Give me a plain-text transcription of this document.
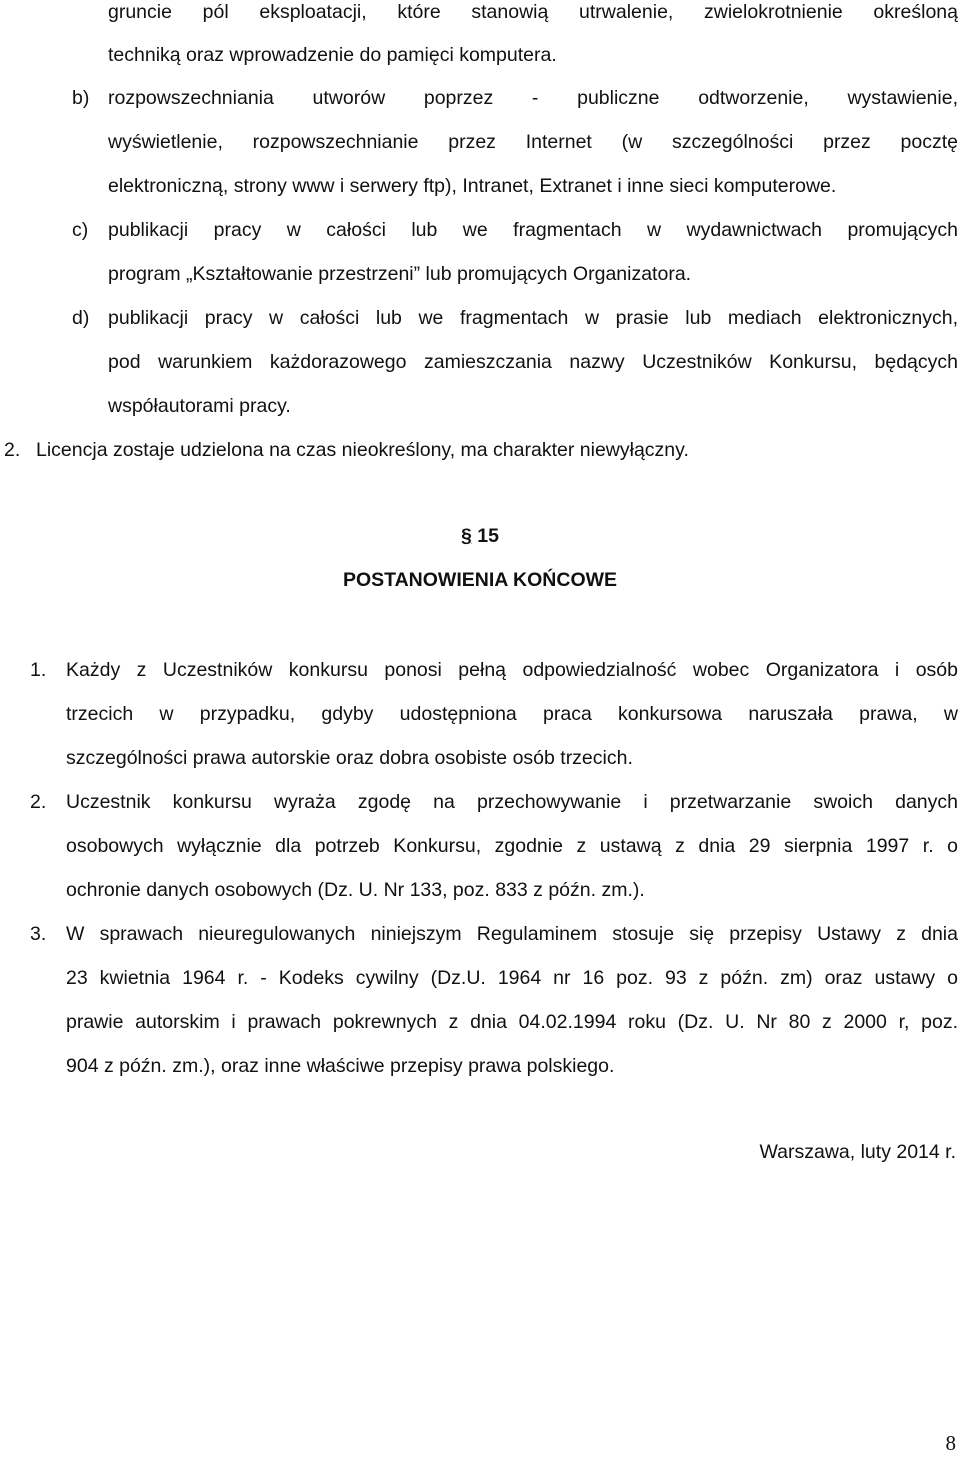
gruncie pól eksploatacji, które stanowią utrwalenie, zwielokrotnienie określoną
techniką oraz wprowadzenie do pamięci komputera.
b) rozpowszechniania utworów poprzez - publiczne odtworzenie, wystawienie,
wyświetlenie, rozpowszechnianie przez Internet (w szczególności przez pocztę
elektroniczną, strony www i serwery ftp), Intranet, Extranet i inne sieci komputerowe.
c) publikacji pracy w całości lub we fragmentach w wydawnictwach promujących
program „Kształtowanie przestrzeni” lub promujących Organizatora.
d) publikacji pracy w całości lub we fragmentach w prasie lub mediach elektronicznych,
pod warunkiem każdorazowego zamieszczania nazwy Uczestników Konkursu, będących
współautorami pracy.
2. Licencja zostaje udzielona na czas nieokreślony, ma charakter niewyłączny.
§ 15
POSTANOWIENIA KOŃCOWE
1. Każdy z Uczestników konkursu ponosi pełną odpowiedzialność wobec Organizatora i osób
trzecich w przypadku, gdyby udostępniona praca konkursowa naruszała prawa, w
szczególności prawa autorskie oraz dobra osobiste osób trzecich.
2. Uczestnik konkursu wyraża zgodę na przechowywanie i przetwarzanie swoich danych
osobowych wyłącznie dla potrzeb Konkursu, zgodnie z ustawą z dnia 29 sierpnia 1997 r. o
ochronie danych osobowych (Dz. U. Nr 133, poz. 833 z późn. zm.).
3. W sprawach nieuregulowanych niniejszym Regulaminem stosuje się przepisy Ustawy z dnia
23 kwietnia 1964 r. - Kodeks cywilny (Dz.U. 1964 nr 16 poz. 93 z późn. zm) oraz ustawy o
prawie autorskim i prawach pokrewnych z dnia 04.02.1994 roku (Dz. U. Nr 80 z 2000 r, poz.
904 z późn. zm.), oraz inne właściwe przepisy prawa polskiego.
Warszawa, luty 2014 r.
8
